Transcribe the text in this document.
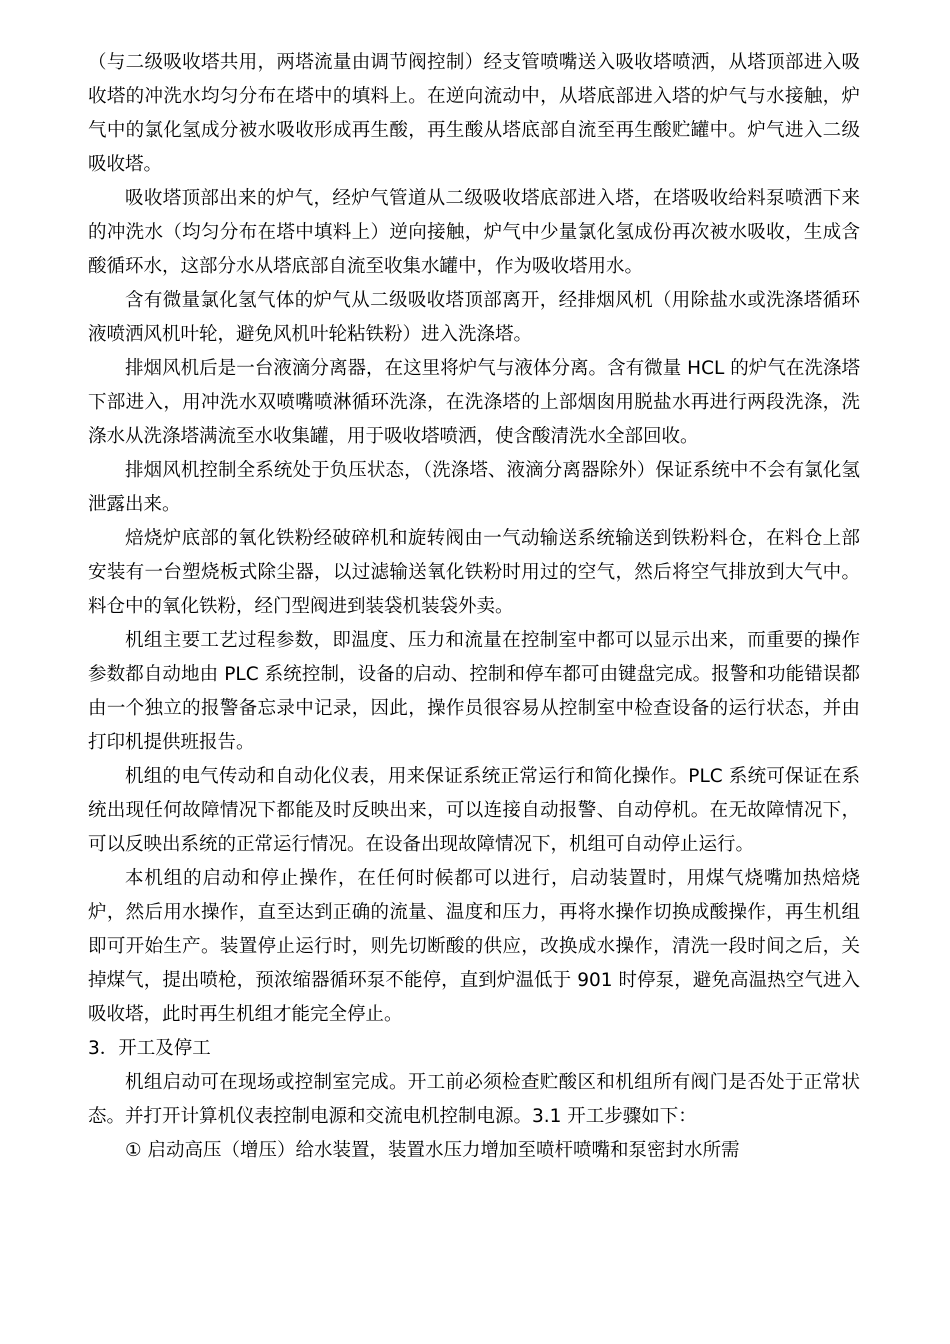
（与二级吸收塔共用，两塔流量由调节阀控制）经支管喷嘴送入吸收塔喷洒，从塔顶部进入吸收塔的冲洗水均匀分布在塔中的填料上。在逆向流动中，从塔底部进入塔的炉气与水接触，炉气中的氯化氢成分被水吸收形成再生酸，再生酸从塔底部自流至再生酸贮罐中。炉气进入二级吸收塔。

吸收塔顶部出来的炉气，经炉气管道从二级吸收塔底部进入塔，在塔吸收给料泵喷洒下来的冲洗水（均匀分布在塔中填料上）逆向接触，炉气中少量氯化氢成份再次被水吸收，生成含酸循环水，这部分水从塔底部自流至收集水罐中，作为吸收塔用水。

含有微量氯化氢气体的炉气从二级吸收塔顶部离开，经排烟风机（用除盐水或洗涤塔循环液喷洒风机叶轮，避免风机叶轮粘铁粉）进入洗涤塔。

排烟风机后是一台液滴分离器，在这里将炉气与液体分离。含有微量 HCL 的炉气在洗涤塔下部进入，用冲洗水双喷嘴喷淋循环洗涤，在洗涤塔的上部烟囱用脱盐水再进行两段洗涤，洗涤水从洗涤塔满流至水收集罐，用于吸收塔喷洒，使含酸清洗水全部回收。

排烟风机控制全系统处于负压状态，（洗涤塔、液滴分离器除外）保证系统中不会有氯化氢泄露出来。

焙烧炉底部的氧化铁粉经破碎机和旋转阀由一气动输送系统输送到铁粉料仓，在料仓上部安装有一台塑烧板式除尘器，以过滤输送氧化铁粉时用过的空气，然后将空气排放到大气中。料仓中的氧化铁粉，经门型阀进到装袋机装袋外卖。

机组主要工艺过程参数，即温度、压力和流量在控制室中都可以显示出来，而重要的操作参数都自动地由 PLC 系统控制，设备的启动、控制和停车都可由键盘完成。报警和功能错误都由一个独立的报警备忘录中记录，因此，操作员很容易从控制室中检查设备的运行状态，并由打印机提供班报告。

机组的电气传动和自动化仪表，用来保证系统正常运行和简化操作。PLC 系统可保证在系统出现任何故障情况下都能及时反映出来，可以连接自动报警、自动停机。在无故障情况下，可以反映出系统的正常运行情况。在设备出现故障情况下，机组可自动停止运行。

本机组的启动和停止操作，在任何时候都可以进行，启动装置时，用煤气烧嘴加热焙烧炉，然后用水操作，直至达到正确的流量、温度和压力，再将水操作切换成酸操作，再生机组即可开始生产。装置停止运行时，则先切断酸的供应，改换成水操作，清洗一段时间之后，关掉煤气，提出喷枪，预浓缩器循环泵不能停，直到炉温低于 901 时停泵，避免高温热空气进入吸收塔，此时再生机组才能完全停止。

3．开工及停工

机组启动可在现场或控制室完成。开工前必须检查贮酸区和机组所有阀门是否处于正常状态。并打开计算机仪表控制电源和交流电机控制电源。3.1 开工步骤如下：

① 启动高压（增压）给水装置，装置水压力增加至喷杆喷嘴和泵密封水所需
